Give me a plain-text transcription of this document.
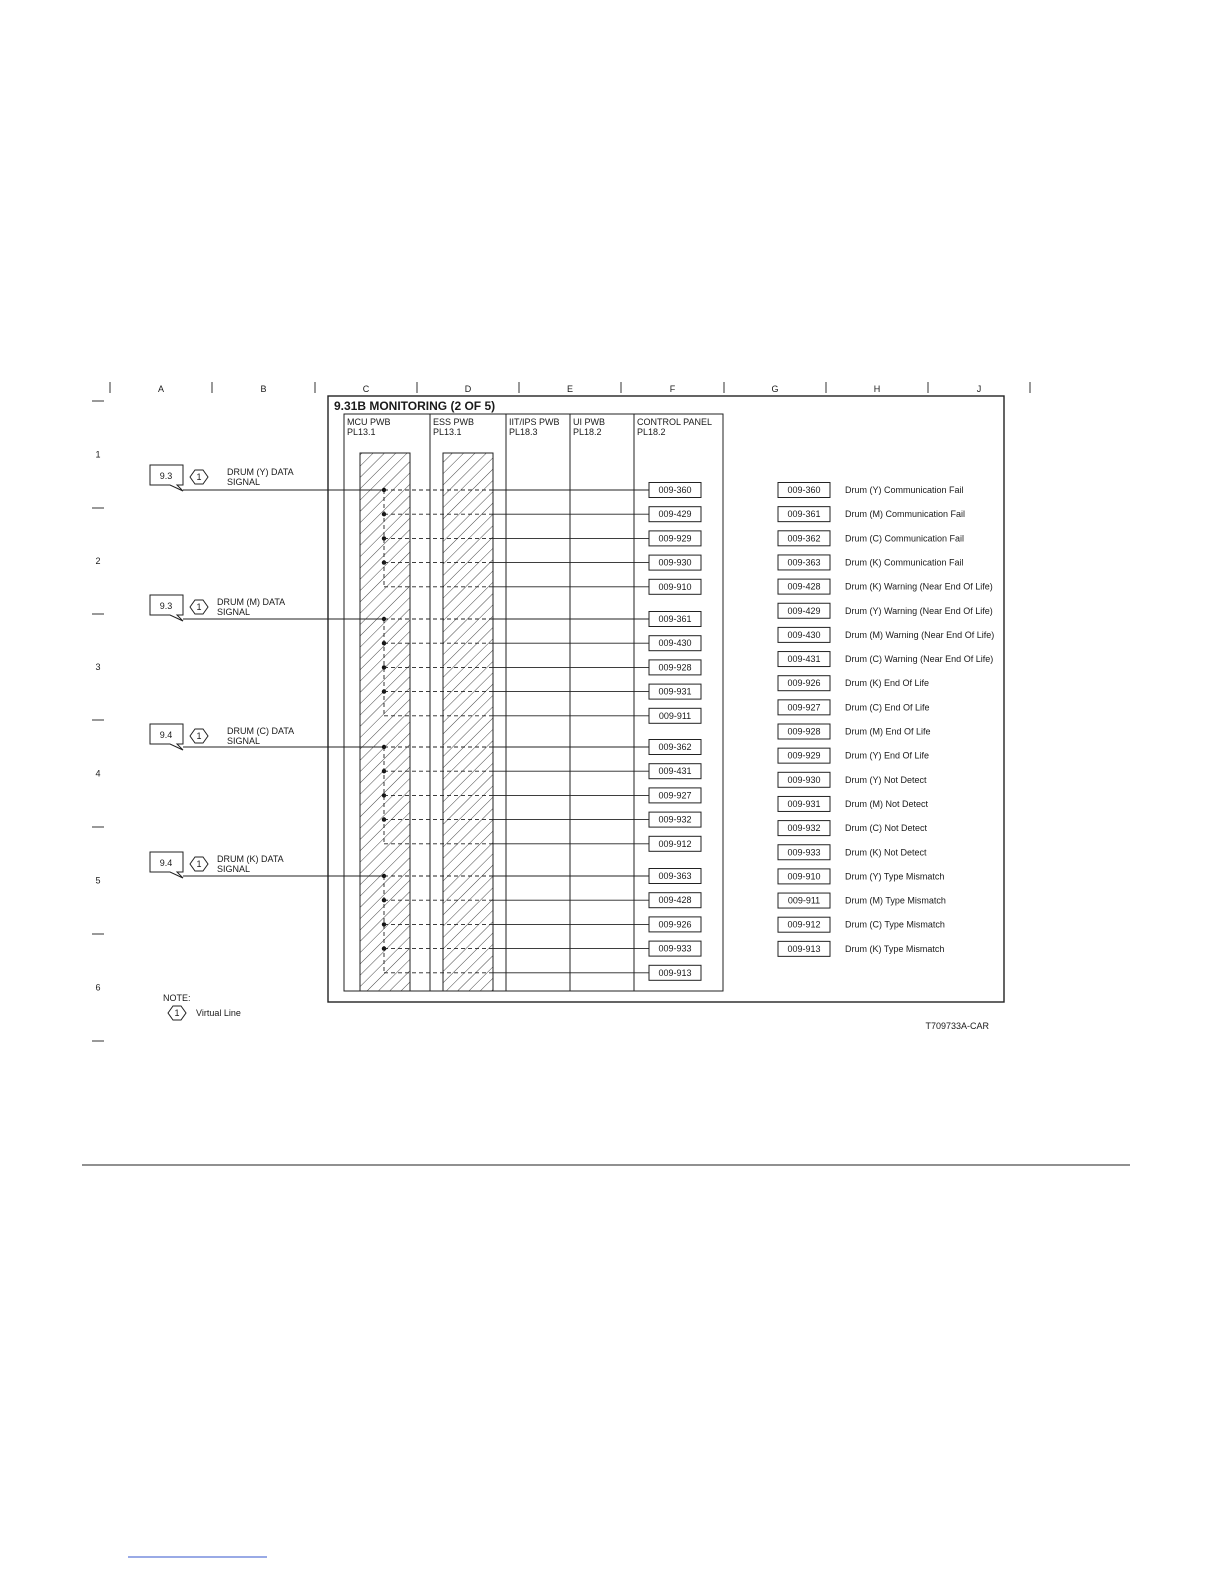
A	B	C	D	E	F	G	H	J
1
2
3
4
5
6
9.31B MONITORING (2 OF 5)
MCU PWB
PL13.1
ESS PWB
PL13.1
IIT/IPS PWB
PL18.3
UI PWB
PL18.2
CONTROL PANEL
PL18.2
9.3	1	DRUM (Y) DATA
SIGNAL
009-360
009-429
009-929
009-930
009-910
9.3	1 DRUM (M) DATA
SIGNAL
009-361
009-430
009-928
009-931
009-911
9.4	1	DRUM (C) DATA
SIGNAL
009-362
009-431
009-927
009-932
009-912
9.4	1 DRUM (K) DATA
SIGNAL
009-363
009-428
009-926
009-933
009-913
009-360	Drum (Y) Communication Fail
009-361	Drum (M) Communication Fail
009-362	Drum (C) Communication Fail
009-363	Drum (K) Communication Fail
009-428	Drum (K) Warning (Near End Of Life)
009-429	Drum (Y) Warning (Near End Of Life)
009-430	Drum (M) Warning (Near End Of Life)
009-431	Drum (C) Warning (Near End Of Life)
009-926	Drum (K) End Of Life
009-927	Drum (C) End Of Life
009-928	Drum (M) End Of Life
009-929	Drum (Y) End Of Life
009-930	Drum (Y) Not Detect
009-931	Drum (M) Not Detect
009-932	Drum (C) Not Detect
009-933	Drum (K) Not Detect
009-910	Drum (Y) Type Mismatch
009-911	Drum (M) Type Mismatch
009-912	Drum (C) Type Mismatch
009-913	Drum (K) Type Mismatch
NOTE:
1 Virtual Line
T709733A-CAR
